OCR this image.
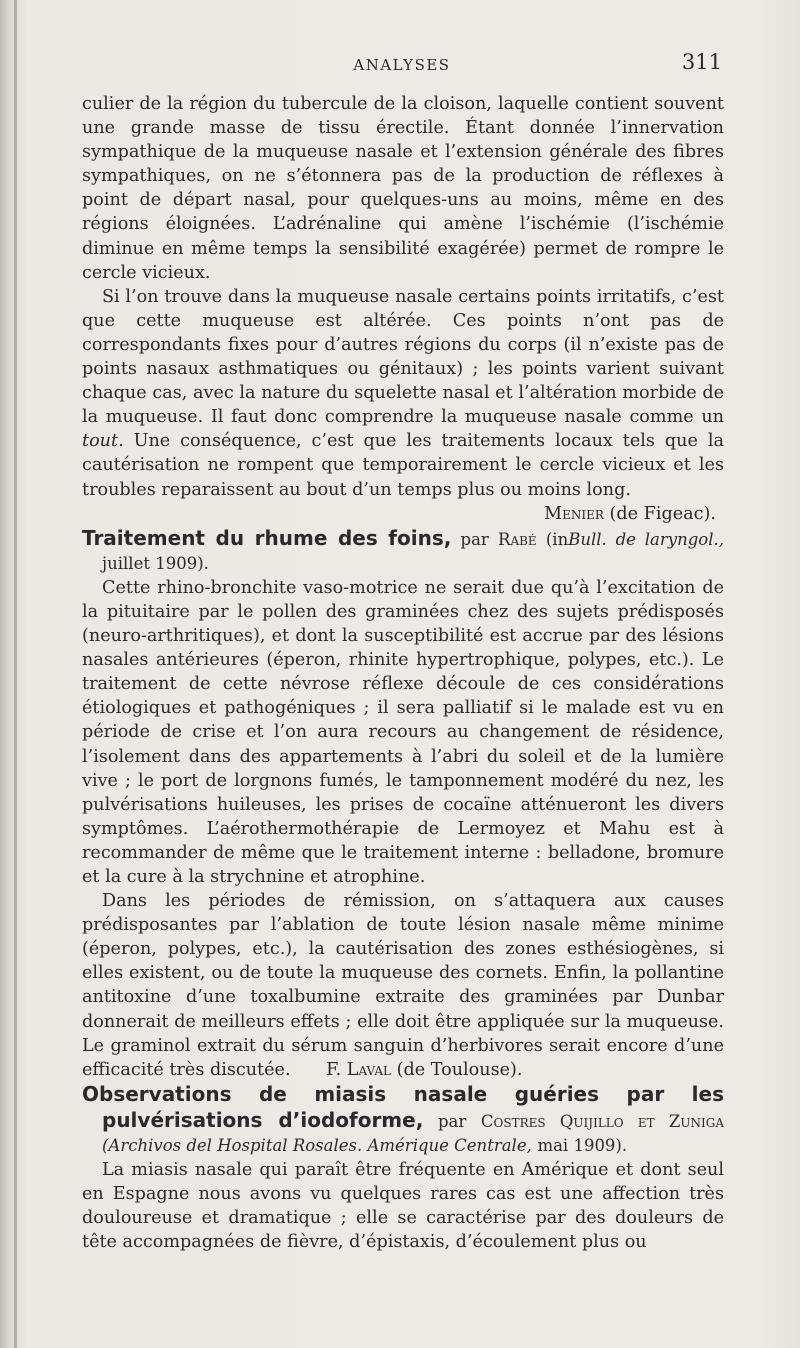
ANALYSES	311

culier de la région du tubercule de la cloison, laquelle contient souvent une grande masse de tissu érectile. Étant donnée l’innervation sympathique de la muqueuse nasale et l’extension générale des fibres sympathiques, on ne s’étonnera pas de la production de réflexes à point de départ nasal, pour quelques-uns au moins, même en des régions éloignées. L’adrénaline qui amène l’ischémie (l’ischémie diminue en même temps la sensibilité exagérée) permet de rompre le cercle vicieux.

Si l’on trouve dans la muqueuse nasale certains points irritatifs, c’est que cette muqueuse est altérée. Ces points n’ont pas de correspondants fixes pour d’autres régions du corps (il n’existe pas de points nasaux asthmatiques ou génitaux) ; les points varient suivant chaque cas, avec la nature du squelette nasal et l’altération morbide de la muqueuse. Il faut donc comprendre la muqueuse nasale comme un tout. Une conséquence, c’est que les traitements locaux tels que la cautérisation ne rompent que temporairement le cercle vicieux et les troubles reparaissent au bout d’un temps plus ou moins long.

Menier (de Figeac).

Traitement du rhume des foins, par Rabé (inBull. de laryngol., juillet 1909).

Cette rhino-bronchite vaso-motrice ne serait due qu’à l’excitation de la pituitaire par le pollen des graminées chez des sujets prédisposés (neuro-arthritiques), et dont la susceptibilité est accrue par des lésions nasales antérieures (éperon, rhinite hypertrophique, polypes, etc.). Le traitement de cette névrose réflexe découle de ces considérations étiologiques et pathogéniques ; il sera palliatif si le malade est vu en période de crise et l’on aura recours au changement de résidence, l’isolement dans des appartements à l’abri du soleil et de la lumière vive ; le port de lorgnons fumés, le tamponnement modéré du nez, les pulvérisations huileuses, les prises de cocaïne atténueront les divers symptômes. L’aérothermothérapie de Lermoyez et Mahu est à recommander de même que le traitement interne : belladone, bromure et la cure à la strychnine et atrophine.

Dans les périodes de rémission, on s’attaquera aux causes prédisposantes par l’ablation de toute lésion nasale même minime (éperon, polypes, etc.), la cautérisation des zones esthésiogènes, si elles existent, ou de toute la muqueuse des cornets. Enfin, la pollantine antitoxine d’une toxalbumine extraite des graminées par Dunbar donnerait de meilleurs effets ; elle doit être appliquée sur la muqueuse. Le graminol extrait du sérum sanguin d’herbivores serait encore d’une efficacité très discutée. F. Laval (de Toulouse).

Observations de miasis nasale guéries par les pulvérisations d’iodoforme, par Costres Quijillo et Zuniga (Archivos del Hospital Rosales. Amérique Centrale, mai 1909).

La miasis nasale qui paraît être fréquente en Amérique et dont seul en Espagne nous avons vu quelques rares cas est une affection très douloureuse et dramatique ; elle se caractérise par des douleurs de tête accompagnées de fièvre, d’épistaxis, d’écoulement plus ou
